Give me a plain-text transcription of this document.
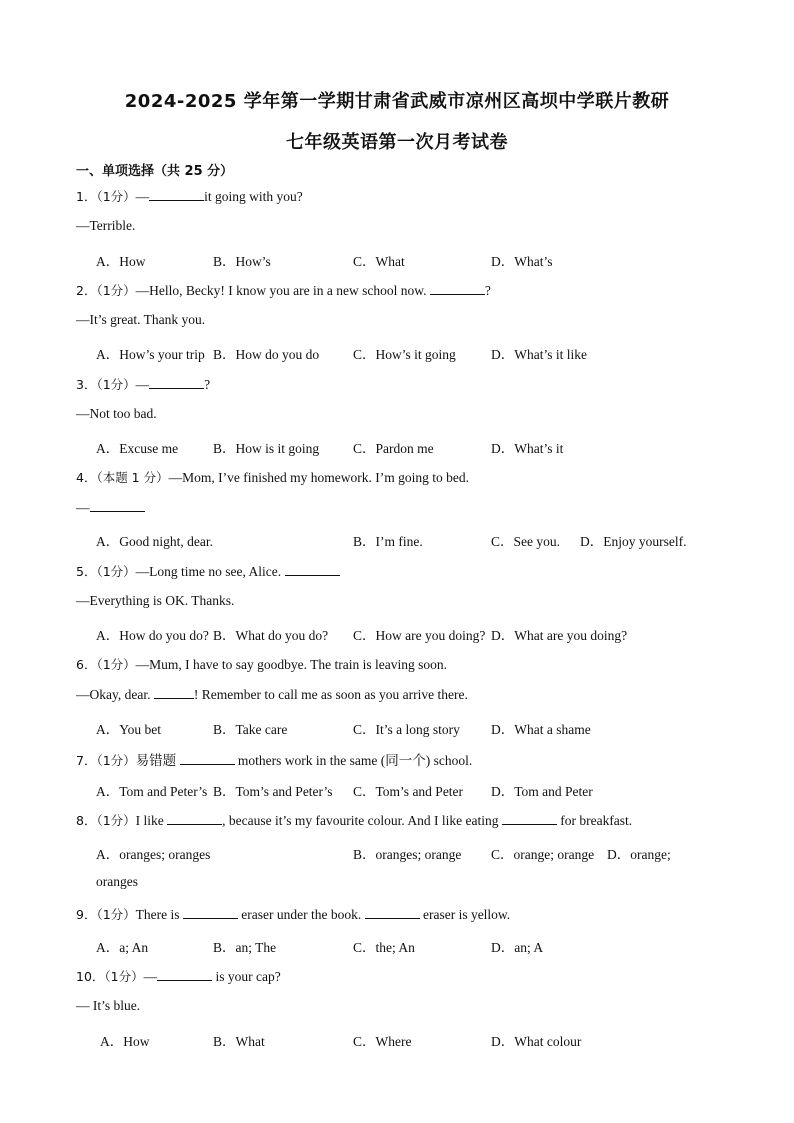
2024-2025 学年第一学期甘肃省武威市凉州区高坝中学联片教研
七年级英语第一次月考试卷
一、单项选择（共 25 分）
1．（1分）—	it going with you?
—Terrible.
A．How	B．How’s	C．What	D．What’s
2．（1分）—Hello, Becky! I know you are in a new school now.	?
—It’s great. Thank you.
A．How’s your trip B．How do you do	C．How’s it going	D．What’s it like
3．（1分）—	?
—Not too bad.
A．Excuse me	B．How is it going	C．Pardon me	D．What’s it
4．（本题 1 分）—Mom, I’ve finished my homework. I’m going to bed.
—
A．Good night, dear.	B．I’m fine.	C．See you. D．Enjoy yourself.
5．（1分）—Long time no see, Alice.
—Everything is OK. Thanks.
A．How do you do? B．What do you do? C．How are you doing? D．What are you doing?
6．（1分）—Mum, I have to say goodbye. The train is leaving soon.
—Okay, dear.	! Remember to call me as soon as you arrive there.
A．You bet	B．Take care	C．It’s a long story D．What a shame
7．（1分）易错题	mothers work in the same (同一个) school.
A．Tom and Peter’s B．Tom’s and Peter’s C．Tom’s and Peter D．Tom and Peter
8．（1分）I like	, because it’s my favourite colour. And I like eating	for breakfast.
A．oranges; oranges	B．oranges; orange C．orange; orange D．orange;
oranges
9．（1分）There is	eraser under the book.	eraser is yellow.
A．a; An	B．an; The	C．the; An	D．an; A
10．（1分）—	is your cap?
— It’s blue.
A．How	B．What	C．Where	D．What colour
